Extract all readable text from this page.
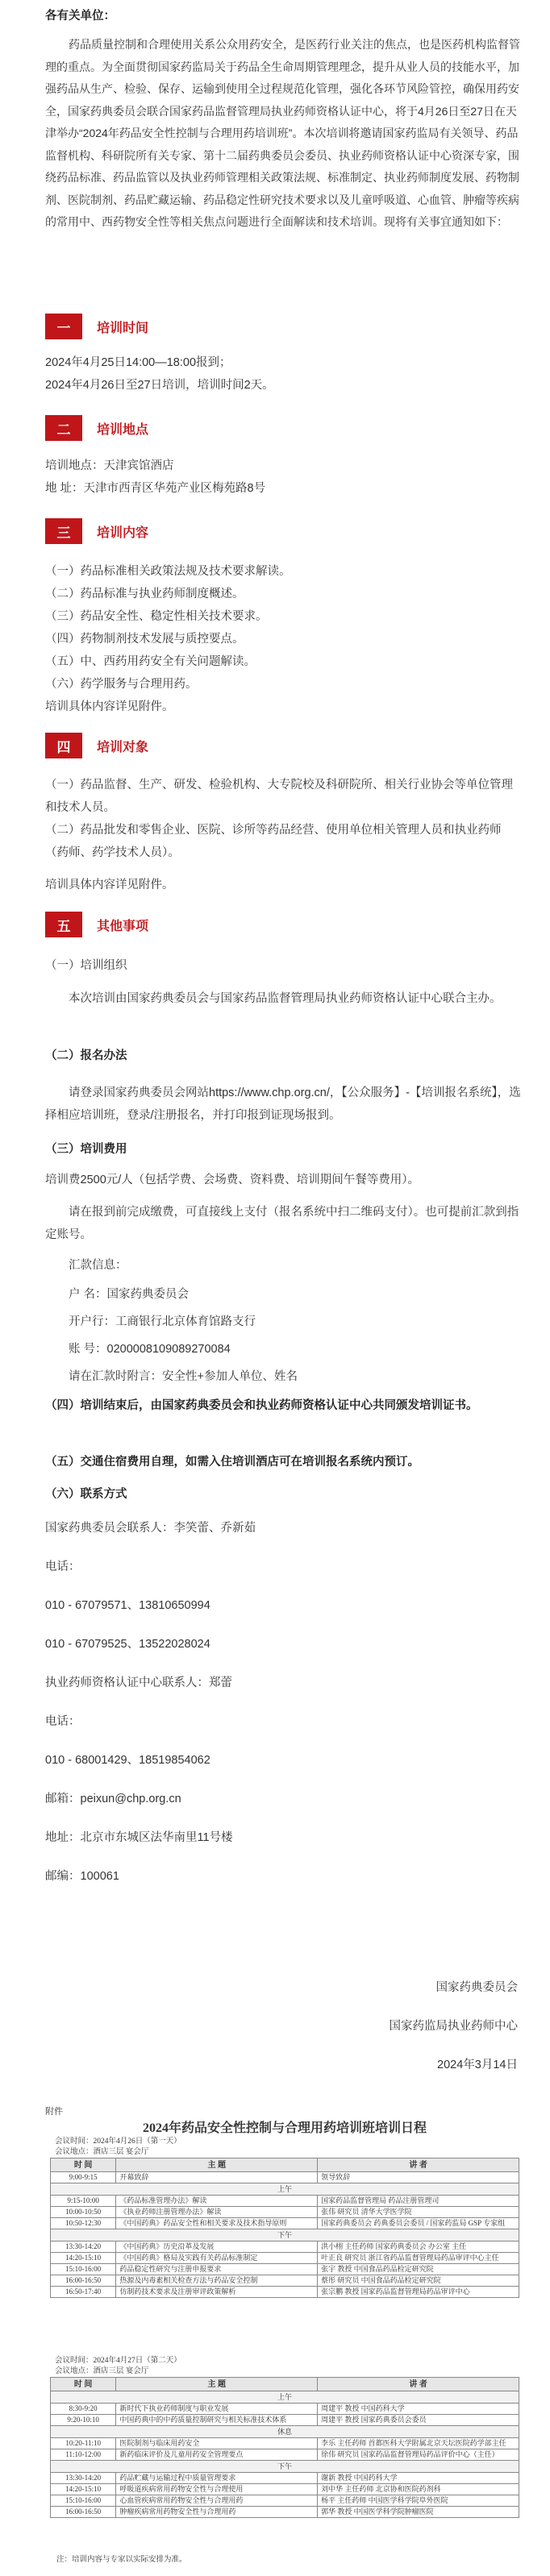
各有关单位：

药品质量控制和合理使用关系公众用药安全，是医药行业关注的焦点，也是医药机构监督管理的重点。为全面贯彻国家药监局关于药品全生命周期管理理念，提升从业人员的技能水平，加强药品从生产、检验、保存、运输到使用全过程规范化管理，强化各环节风险管控，确保用药安全，国家药典委员会联合国家药品监督管理局执业药师资格认证中心，将于4月26日至27日在天津举办“2024年药品安全性控制与合理用药培训班”。本次培训将邀请国家药监局有关领导、药品监督机构、科研院所有关专家、第十二届药典委员会委员、执业药师资格认证中心资深专家，围绕药品标准、药品监管以及执业药师管理相关政策法规、标准制定、执业药师制度发展、药物制剂、医院制剂、药品贮藏运输、药品稳定性研究技术要求以及儿童呼吸道、心血管、肿瘤等疾病的常用中、西药物安全性等相关焦点问题进行全面解读和技术培训。现将有关事宜通知如下：

一	培训时间

2024年4月25日14:00—18:00报到；

2024年4月26日至27日培训，培训时间2天。

二	培训地点

培训地点：天津宾馆酒店

地 址：天津市西青区华苑产业区梅苑路8号

三	培训内容

（一）药品标准相关政策法规及技术要求解读。

（二）药品标准与执业药师制度概述。

（三）药品安全性、稳定性相关技术要求。

（四）药物制剂技术发展与质控要点。

（五）中、西药用药安全有关问题解读。

（六）药学服务与合理用药。

培训具体内容详见附件。

四	培训对象

（一）药品监督、生产、研发、检验机构、大专院校及科研院所、相关行业协会等单位管理和技术人员。

（二）药品批发和零售企业、医院、诊所等药品经营、使用单位相关管理人员和执业药师（药师、药学技术人员）。

培训具体内容详见附件。

五	其他事项

（一）培训组织

本次培训由国家药典委员会与国家药品监督管理局执业药师资格认证中心联合主办。

（二）报名办法

请登录国家药典委员会网站https://www.chp.org.cn/，【公众服务】-【培训报名系统】，选择相应培训班，登录/注册报名，并打印报到证现场报到。

（三）培训费用

培训费2500元/人（包括学费、会场费、资料费、培训期间午餐等费用）。

请在报到前完成缴费，可直接线上支付（报名系统中扫二维码支付）。也可提前汇款到指定账号。

汇款信息：

户 名：国家药典委员会

开户行：工商银行北京体育馆路支行

账 号：0200008109089270084

请在汇款时附言：安全性+参加人单位、姓名

（四）培训结束后，由国家药典委员会和执业药师资格认证中心共同颁发培训证书。

（五）交通住宿费用自理，如需入住培训酒店可在培训报名系统内预订。

（六）联系方式

国家药典委员会联系人：李笑蕾、乔新茹

电话：

010 - 67079571、13810650994

010 - 67079525、13522028024

执业药师资格认证中心联系人：郑蕾

电话：

010 - 68001429、18519854062

邮箱：peixun@chp.org.cn

地址：北京市东城区法华南里11号楼

邮编：100061

国家药典委员会
国家药监局执业药师中心
2024年3月14日
附件
2024年药品安全性控制与合理用药培训班培训日程
会议时间：2024年4月26日（第一天）
会议地点：酒店三层 宴会厅
时 间	主 题	讲 者
9:00-9:15	开幕致辞	领导致辞
上午		
9:15-10:00	《药品标准管理办法》解读	国家药品监督管理局 药品注册管理司
10:00-10:50	《执业药师注册管理办法》解读	张伟 研究员 清华大学医学院
10:50-12:30	《中国药典》药品安全性和相关要求及技术指导原则	国家药典委员会 药典委员会委员 / 国家药监局 GSP 专家组
下午		
13:30-14:20	《中国药典》历史沿革及发展	洪小栩 主任药师 国家药典委员会 办公室 主任
14:20-15:10	《中国药典》格局及实践有关药品标准制定	叶正良 研究员 浙江省药品监督管理局药品审评中心主任
15:10-16:00	药品稳定性研究与注册申报要求	张宇 教授 中国食品药品检定研究院
16:00-16:50	热源及内毒素相关检查方法与药品安全控制	蔡彤 研究员 中国食品药品检定研究院
16:50-17:40	仿制药技术要求及注册审评政策解析	张宗鹏 教授 国家药品监督管理局药品审评中心
会议时间：2024年4月27日（第二天）
会议地点：酒店三层 宴会厅
时 间	主 题	讲 者
上午		
8:30-9:20	新时代下执业药师制度与职业发展	周建平 教授 中国药科大学
9:20-10:10	中国药典中的中药质量控制研究与相关标准技术体系	周建平 教授 国家药典委员会委员
休息		
10:20-11:10	医院制剂与临床用药安全	李乐 主任药师 首都医科大学附属北京天坛医院药学部主任
11:10-12:00	新药临床评价及儿童用药安全管理要点	徐伟 研究员 国家药品监督管理局药品评价中心（主任）
下午		
13:30-14:20	药品贮藏与运输过程中质量管理要求	谢新 教授 中国药科大学
14:20-15:10	呼吸道疾病常用药物安全性与合理使用	刘中华 主任药师 北京协和医院药剂科
15:10-16:00	心血管疾病常用药物安全性与合理用药	杨平 主任药师 中国医学科学院阜外医院
16:00-16:50	肿瘤疾病常用药物安全性与合理用药	郭华 教授 中国医学科学院肿瘤医院
注：培训内容与专家以实际安排为准。
